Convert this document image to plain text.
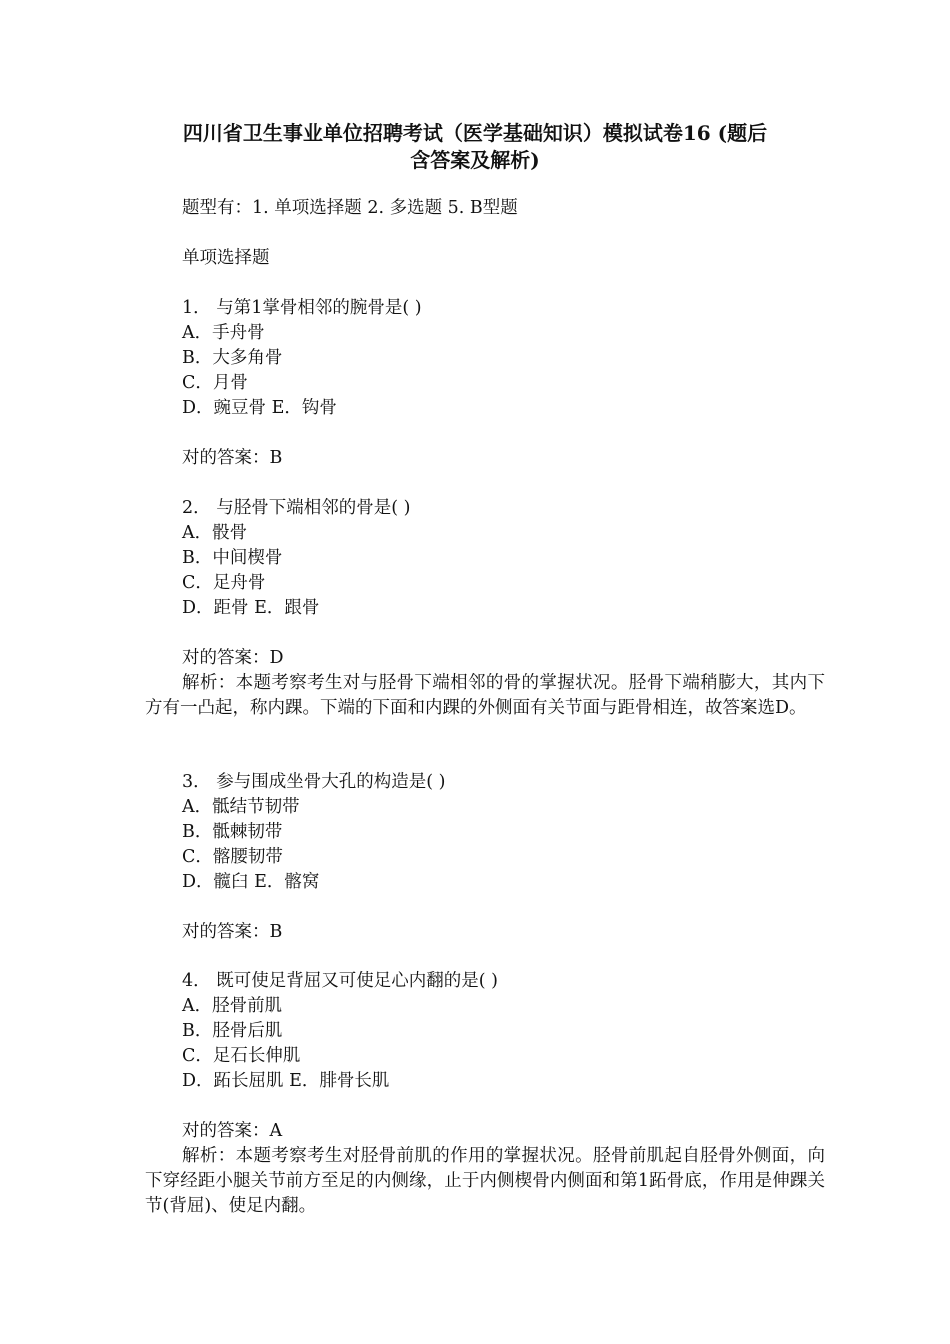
四川省卫生事业单位招聘考试（医学基础知识）模拟试卷16 (题后
含答案及解析)
题型有：1. 单项选择题 2. 多选题 5. B型题
单项选择题
1． 与第1掌骨相邻的腕骨是( )
A．手舟骨
B．大多角骨
C．月骨
D．豌豆骨 E．钩骨
对的答案：B
2． 与胫骨下端相邻的骨是( )
A．骰骨
B．中间楔骨
C．足舟骨
D．距骨 E．跟骨
对的答案：D
解析：本题考察考生对与胫骨下端相邻的骨的掌握状况。胫骨下端稍膨大，其内下方有一凸起，称内踝。下端的下面和内踝的外侧面有关节面与距骨相连，故答案选D。
3． 参与围成坐骨大孔的构造是( )
A．骶结节韧带
B．骶棘韧带
C．髂腰韧带
D．髋臼 E．髂窝
对的答案：B
4． 既可使足背屈又可使足心内翻的是( )
A．胫骨前肌
B．胫骨后肌
C．足石长伸肌
D．跖长屈肌 E．腓骨长肌
对的答案：A
解析：本题考察考生对胫骨前肌的作用的掌握状况。胫骨前肌起自胫骨外侧面，向下穿经距小腿关节前方至足的内侧缘，止于内侧楔骨内侧面和第1跖骨底，作用是伸踝关节(背屈)、使足内翻。
